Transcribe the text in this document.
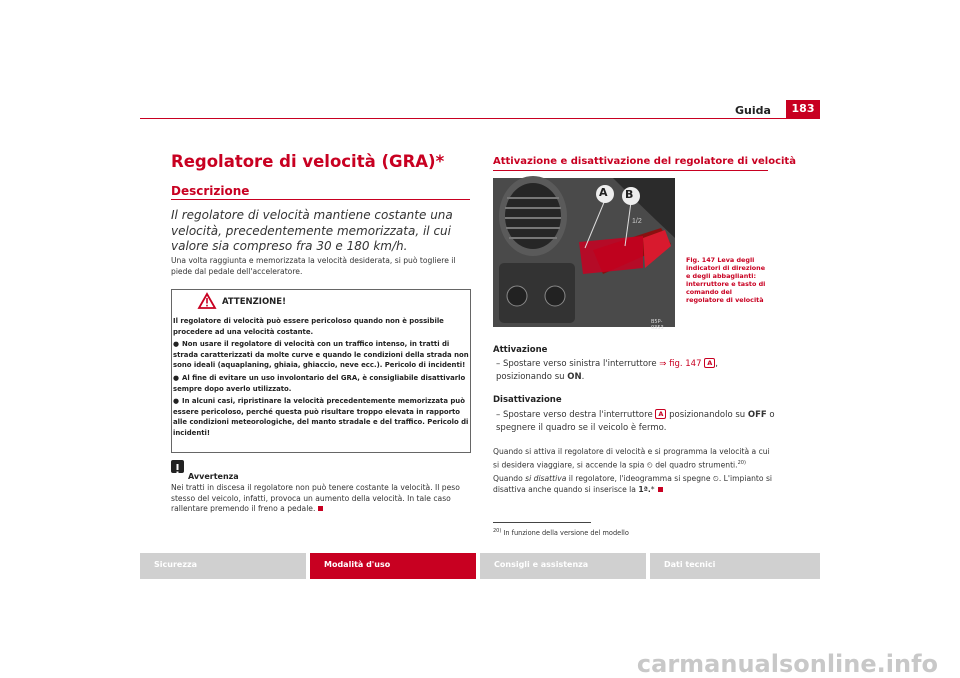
Guida	183
Regolatore di velocità (GRA)*
Descrizione
Il regolatore di velocità mantiene costante una velocità, precedentemente memorizzata, il cui valore sia compreso fra 30 e 180 km/h.
Una volta raggiunta e memorizzata la velocità desiderata, si può togliere il piede dal pedale dell'acceleratore.
ATTENZIONE!
Il regolatore di velocità può essere pericoloso quando non è possibile procedere ad una velocità costante.
● Non usare il regolatore di velocità con un traffico intenso, in tratti di strada caratterizzati da molte curve e quando le condizioni della strada non sono ideali (aquaplaning, ghiaia, ghiaccio, neve ecc.). Pericolo di incidenti!
● Al fine di evitare un uso involontario del GRA, è consigliabile disattivarlo sempre dopo averlo utilizzato.
● In alcuni casi, ripristinare la velocità precedentemente memorizzata può essere pericoloso, perché questa può risultare troppo elevata in rapporto alle condizioni meteorologiche, del manto stradale e del traffico. Pericolo di incidenti!
Avvertenza
Nei tratti in discesa il regolatore non può tenere costante la velocità. Il peso stesso del veicolo, infatti, provoca un aumento della velocità. In tale caso rallentare premendo il freno a pedale.
Attivazione e disattivazione del regolatore di velocità
1/2
A B
B5P-0353
Fig. 147 Leva degli indicatori di direzione e degli abbaglianti: interruttore e tasto di comando del regolatore di velocità
Attivazione
– Spostare verso sinistra l'interruttore ⇒ fig. 147 A , posizionando su ON.
Disattivazione
– Spostare verso destra l'interruttore A posizionandolo su OFF o spegnere il quadro se il veicolo è fermo.
Quando si attiva il regolatore di velocità e si programma la velocità a cui si desidera viaggiare, si accende la spia ⏲ del quadro strumenti.$^{20)}$
Quando si disattiva il regolatore, l'ideogramma si spegne ⏲. L'impianto si disattiva anche quando si inserisce la 1ª.*
$^{20)}$ In funzione della versione del modello
Sicurezza	Modalità d'uso	Consigli e assistenza	Dati tecnici
carmanualsonline.info
